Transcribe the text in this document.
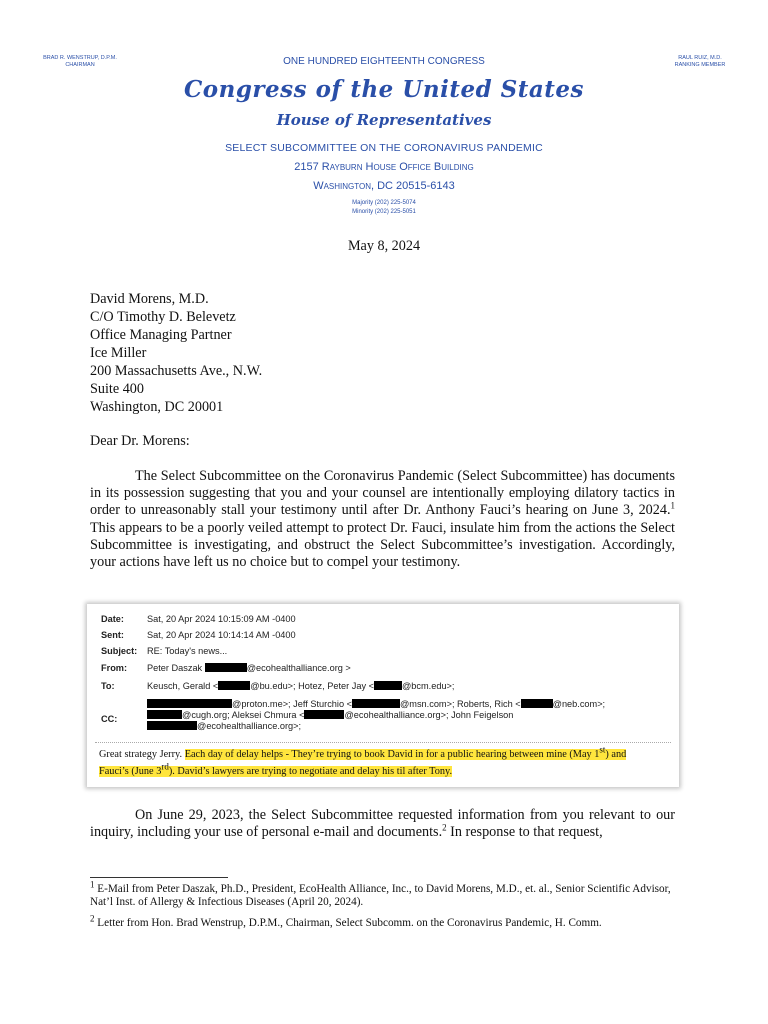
BRAD R. WENSTRUP, D.P.M.
CHAIRMAN
RAUL RUIZ, M.D.
RANKING MEMBER
ONE HUNDRED EIGHTEENTH CONGRESS
Congress of the United States
House of Representatives
SELECT SUBCOMMITTEE ON THE CORONAVIRUS PANDEMIC
2157 Rayburn House Office Building
Washington, DC 20515-6143
Majority (202) 225-5074
Minority (202) 225-5051
May 8, 2024
David Morens, M.D.
C/O Timothy D. Belevetz
Office Managing Partner
Ice Miller
200 Massachusetts Ave., N.W.
Suite 400
Washington, DC 20001
Dear Dr. Morens:
The Select Subcommittee on the Coronavirus Pandemic (Select Subcommittee) has documents in its possession suggesting that you and your counsel are intentionally employing dilatory tactics in order to unreasonably stall your testimony until after Dr. Anthony Fauci’s hearing on June 3, 2024.$^1$ This appears to be a poorly veiled attempt to protect Dr. Fauci, insulate him from the actions the Select Subcommittee is investigating, and obstruct the Select Subcommittee’s investigation. Accordingly, your actions have left us no choice but to compel your testimony.
Date:	Sat, 20 Apr 2024 10:15:09 AM -0400
Sent:	Sat, 20 Apr 2024 10:14:14 AM -0400
Subject: RE: Today's news...
From: Peter Daszak	@ecohealthalliance.org >
To:	Keusch, Gerald <	@bu.edu>; Hotez, Peter Jay <	@bcm.edu>;
CC:
@proton.me>; Jeff Sturchio <	@msn.com>; Roberts, Rich <	@neb.com>;
@cugh.org; Aleksei Chmura <	@ecohealthalliance.org>; John Feigelson
@ecohealthalliance.org>;
Great strategy Jerry. Each day of delay helps - They’re trying to book David in for a public hearing between mine (May 1st) and
Fauci’s (June 3rd). David’s lawyers are trying to negotiate and delay his til after Tony.
On June 29, 2023, the Select Subcommittee requested information from you relevant to our inquiry, including your use of personal e-mail and documents.$^2$ In response to that request,
$^1$ E-Mail from Peter Daszak, Ph.D., President, EcoHealth Alliance, Inc., to David Morens, M.D., et. al., Senior Scientific Advisor, Nat’l Inst. of Allergy & Infectious Diseases (April 20, 2024).
$^2$ Letter from Hon. Brad Wenstrup, D.P.M., Chairman, Select Subcomm. on the Coronavirus Pandemic, H. Comm.
